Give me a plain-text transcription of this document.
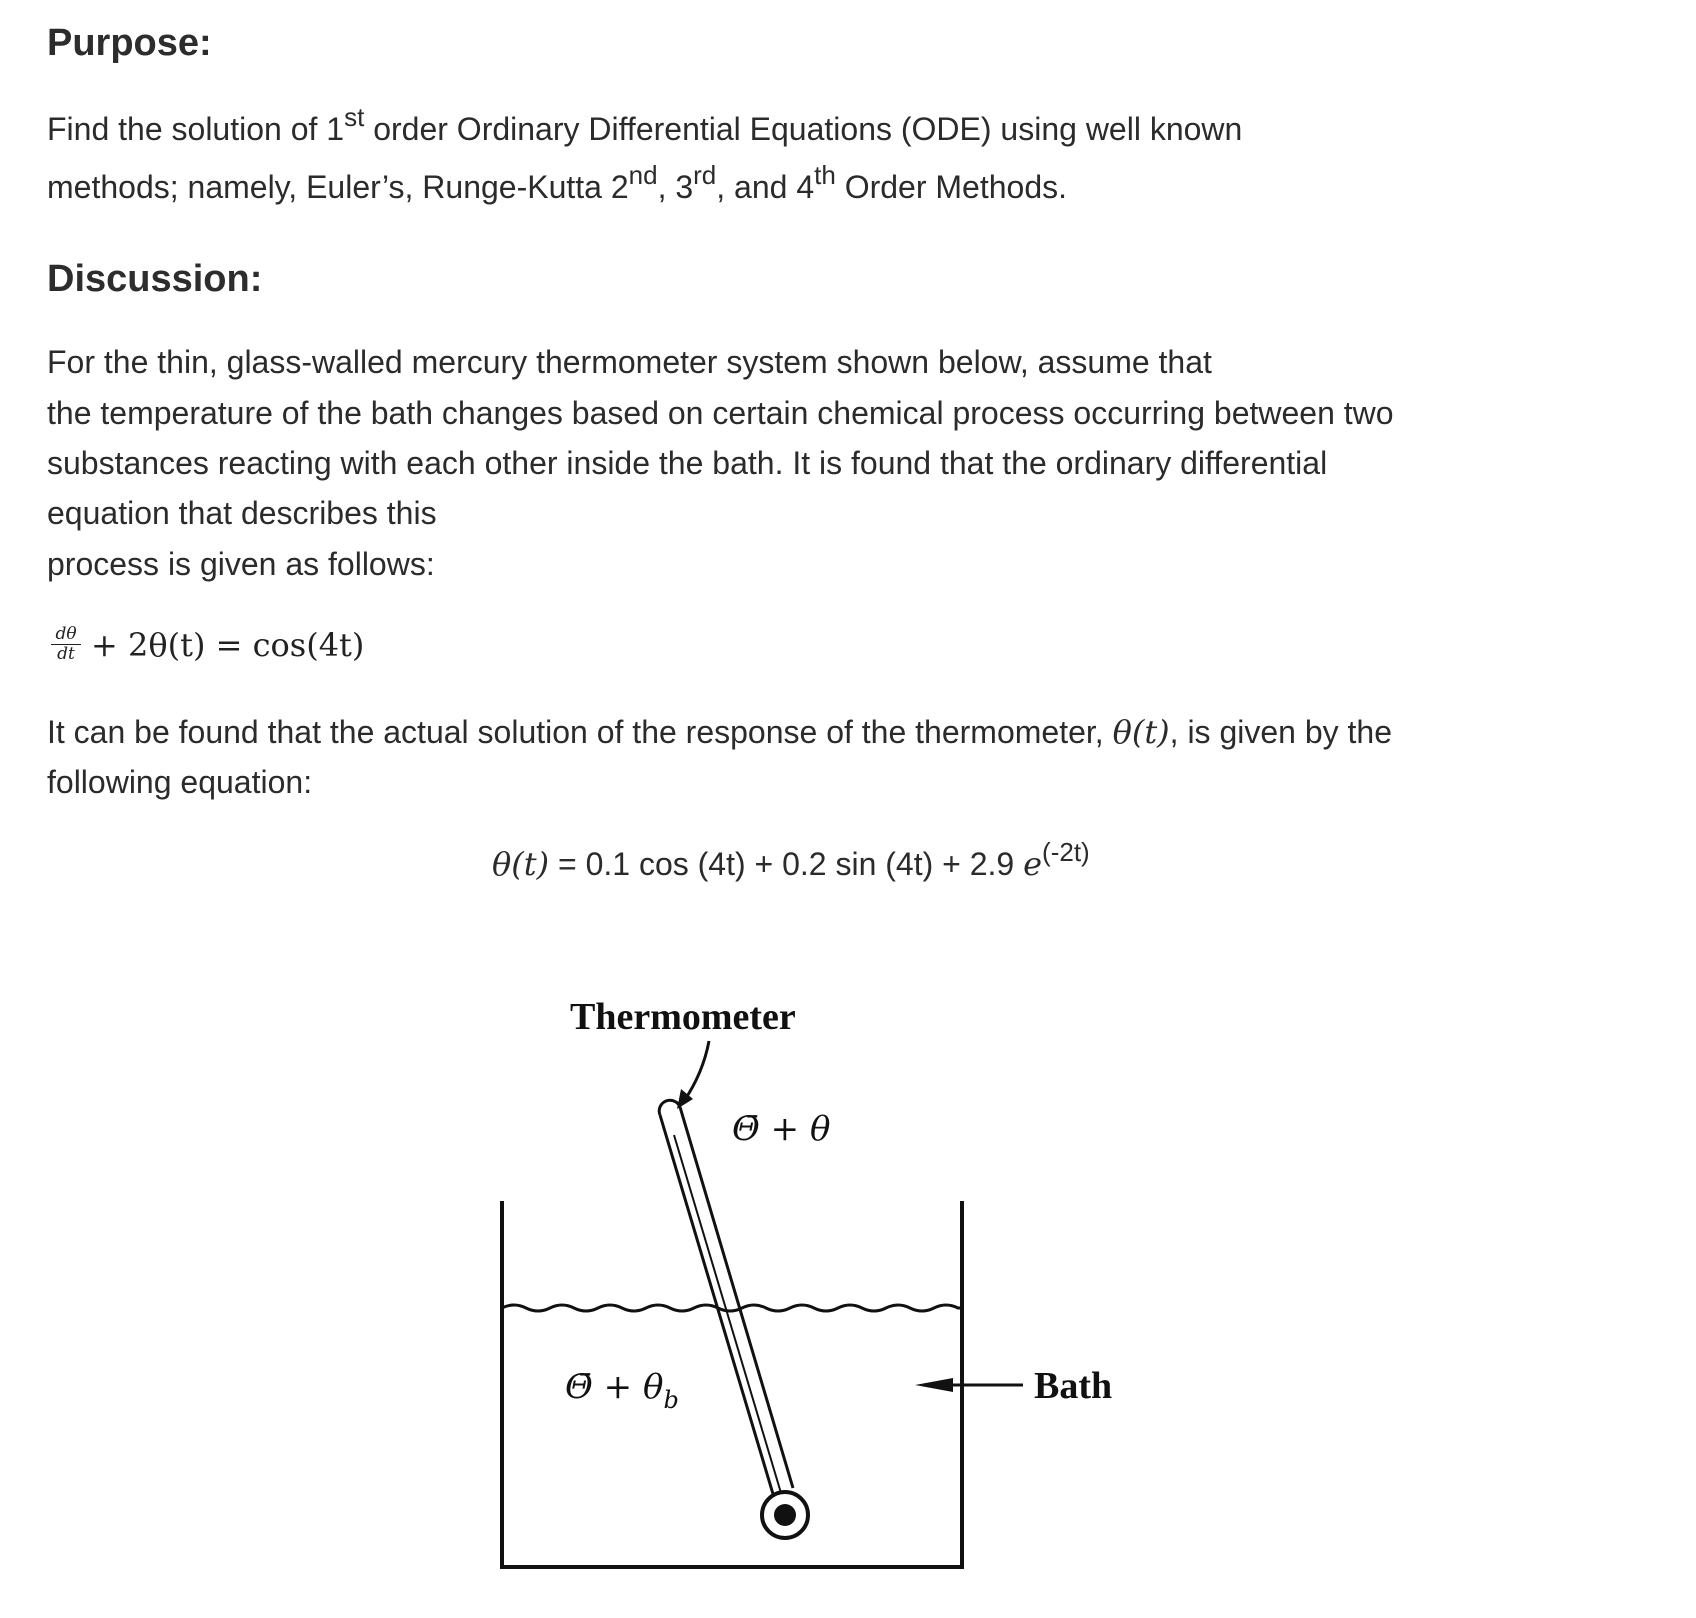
Purpose:
Find the solution of 1st order Ordinary Differential Equations (ODE) using well known
methods; namely, Euler’s, Runge-Kutta 2nd, 3rd, and 4th Order Methods.
Discussion:
For the thin, glass-walled mercury thermometer system shown below, assume that
the temperature of the bath changes based on certain chemical process occurring between two
substances reacting with each other inside the bath. It is found that the ordinary differential
equation that describes this
process is given as follows:
$\frac{d\theta}{dt} + 2\theta(t) = \cos(4t)$
It can be found that the actual solution of the response of the thermometer, θ(t), is given by the
following equation:
θ(t) = 0.1 cos (4t) + 0.2 sin (4t) + 2.9 $e^{(-2t)}$
Thermometer
Θ̄ + θ
Θ̄ + $\theta_b$	Bath
